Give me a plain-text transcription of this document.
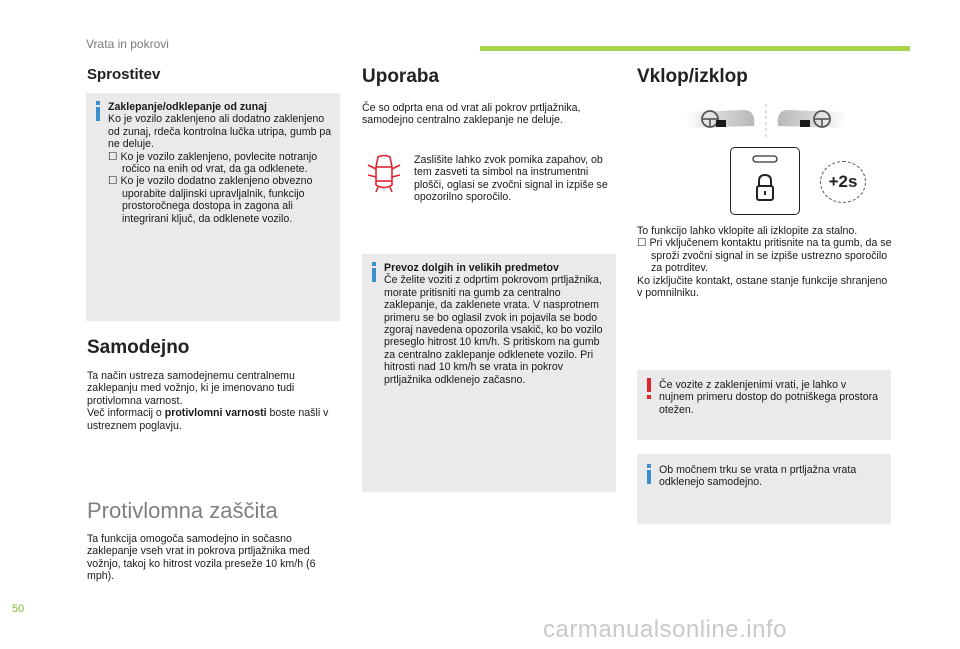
Vrata in pokrovi
Sprostitev
Zaklepanje/odklepanje od zunaj
Ko je vozilo zaklenjeno ali dodatno zaklenjeno od zunaj, rdeča kontrolna lučka utripa, gumb pa ne deluje.
☐ Ko je vozilo zaklenjeno, povlecite notranjo ročico na enih od vrat, da ga odklenete.
☐ Ko je vozilo dodatno zaklenjeno obvezno uporabite daljinski upravljalnik, funkcijo prostoročnega dostopa in zagona ali integrirani ključ, da odklenete vozilo.
Samodejno
Ta način ustreza samodejnemu centralnemu zaklepanju med vožnjo, ki je imenovano tudi protivlomna varnost.
Več informacij o protivlomni varnosti boste našli v ustreznem poglavju.
Protivlomna zaščita
Ta funkcija omogoča samodejno in sočasno zaklepanje vseh vrat in pokrova prtljažnika med vožnjo, takoj ko hitrost vozila preseže 10 km/h (6 mph).
Uporaba
Če so odprta ena od vrat ali pokrov prtljažnika, samodejno centralno zaklepanje ne deluje.
Zaslišite lahko zvok pomika zapahov, ob tem zasveti ta simbol na instrumentni plošči, oglasi se zvočni signal in izpiše se opozorilno sporočilo.
Prevoz dolgih in velikih predmetov
Če želite voziti z odprtim pokrovom prtljažnika, morate pritisniti na gumb za centralno zaklepanje, da zaklenete vrata. V nasprotnem primeru se bo oglasil zvok in pojavila se bodo zgoraj navedena opozorila vsakič, ko bo vozilo preseglo hitrost 10 km/h. S pritiskom na gumb za centralno zaklepanje odklenete vozilo. Pri hitrosti nad 10 km/h se vrata in pokrov prtljažnika odklenejo začasno.
Vklop/izklop
+2s
To funkcijo lahko vklopite ali izklopite za stalno.
☐ Pri vključenem kontaktu pritisnite na ta gumb, da se sproži zvočni signal in se izpiše ustrezno sporočilo za potrditev.
Ko izključite kontakt, ostane stanje funkcije shranjeno v pomnilniku.
Če vozite z zaklenjenimi vrati, je lahko v nujnem primeru dostop do potniškega prostora otežen.
Ob močnem trku se vrata n prtljažna vrata odklenejo samodejno.
50
carmanualsonline.info
